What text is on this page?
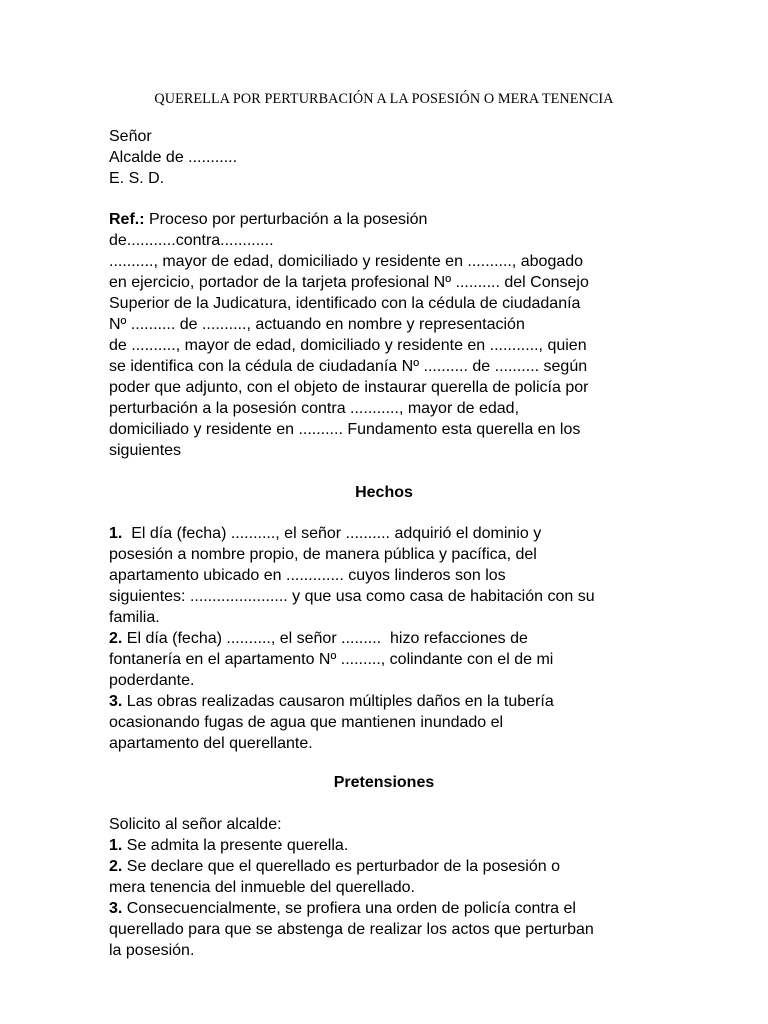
QUERELLA POR PERTURBACIÓN A LA POSESIÓN O MERA TENENCIA

Señor

Alcalde de ...........

E. S. D.

Ref.: Proceso por perturbación a la posesión

de...........contra............

.........., mayor de edad, domiciliado y residente en .........., abogado

en ejercicio, portador de la tarjeta profesional Nº .......... del Consejo

Superior de la Judicatura, identificado con la cédula de ciudadanía

Nº .......... de .........., actuando en nombre y representación

de .........., mayor de edad, domiciliado y residente en ..........., quien

se identifica con la cédula de ciudadanía Nº .......... de .......... según

poder que adjunto, con el objeto de instaurar querella de policía por

perturbación a la posesión contra ..........., mayor de edad,

domiciliado y residente en .......... Fundamento esta querella en los

siguientes

Hechos

1.  El día (fecha) .........., el señor .......... adquirió el dominio y

posesión a nombre propio, de manera pública y pacífica, del

apartamento ubicado en ............. cuyos linderos son los

siguientes: ...................... y que usa como casa de habitación con su

familia.

2. El día (fecha) .........., el señor .........  hizo refacciones de

fontanería en el apartamento Nº ........., colindante con el de mi

poderdante.

3. Las obras realizadas causaron múltiples daños en la tubería

ocasionando fugas de agua que mantienen inundado el

apartamento del querellante.

Pretensiones

Solicito al señor alcalde:

1. Se admita la presente querella.

2. Se declare que el querellado es perturbador de la posesión o

mera tenencia del inmueble del querellado.

3. Consecuencialmente, se profiera una orden de policía contra el

querellado para que se abstenga de realizar los actos que perturban

la posesión.
